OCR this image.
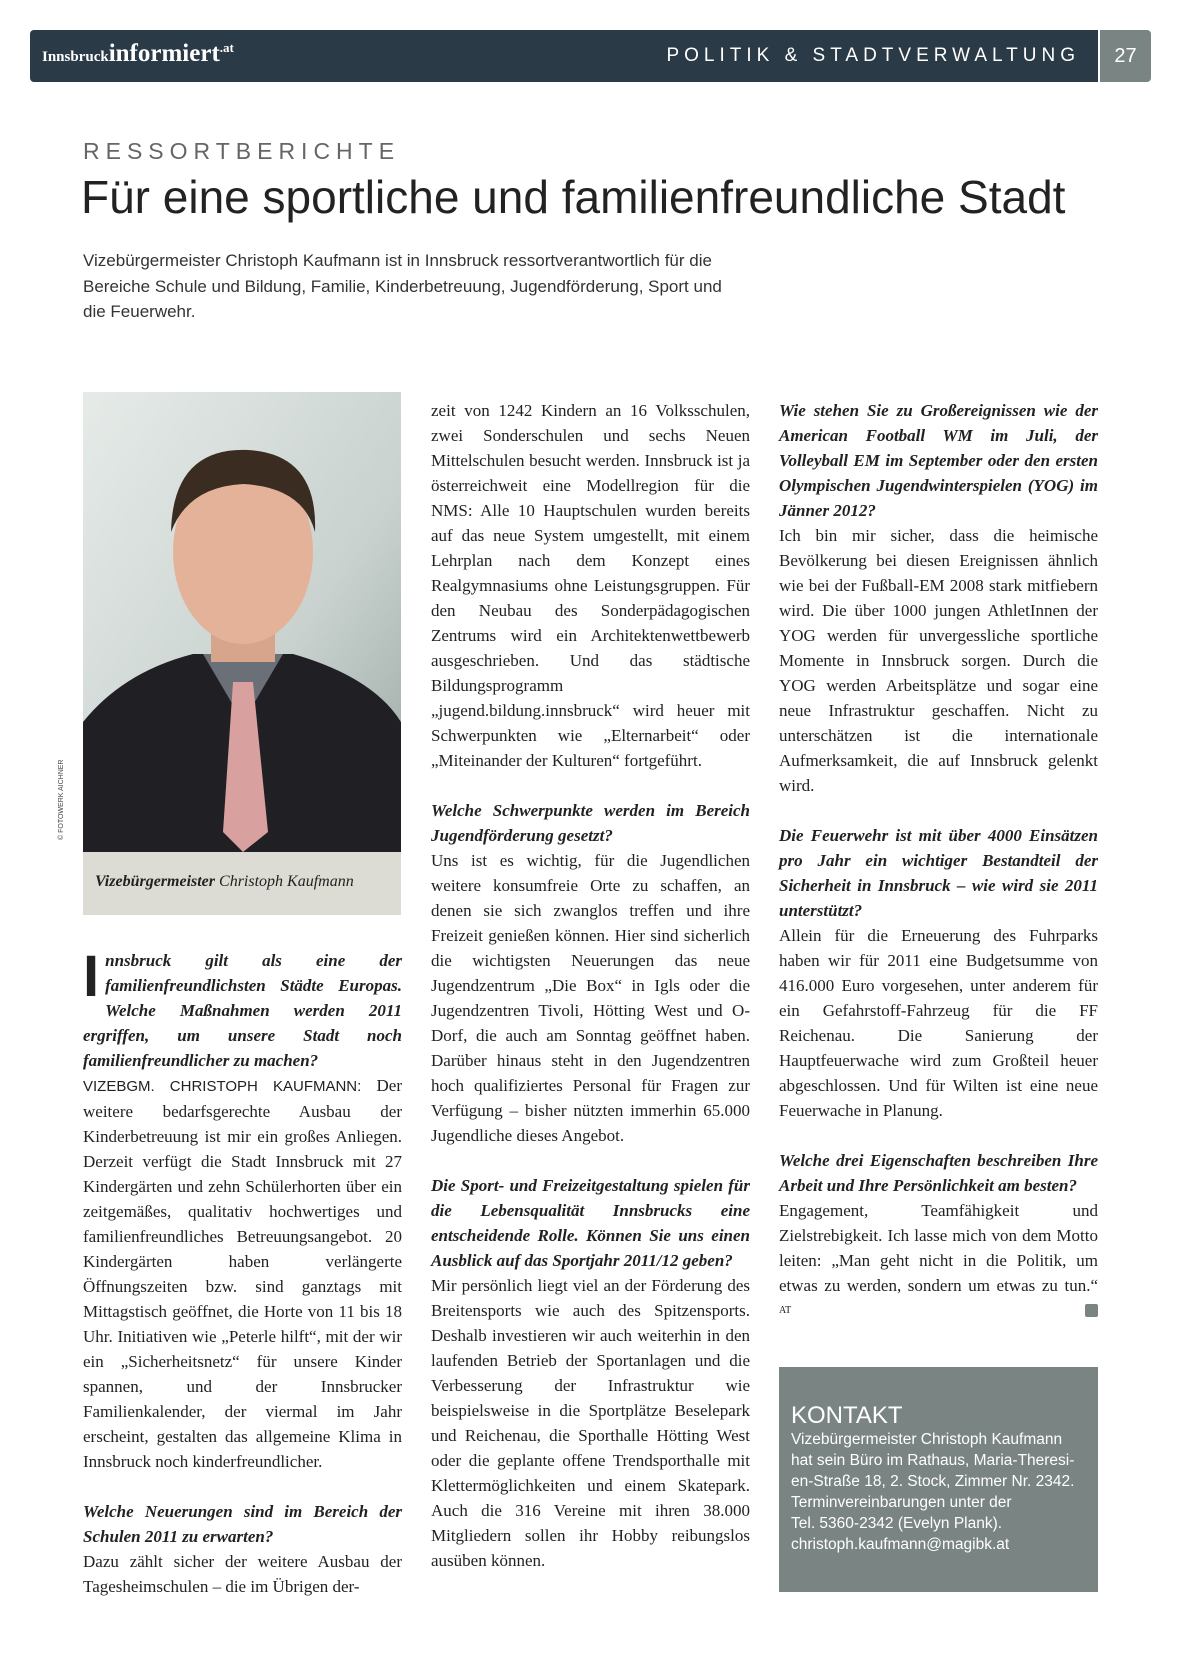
Innsbruckinformiert$^{.at}$	POLITIK & STADTVERWALTUNG	27
RESSORTBERICHTE
Für eine sportliche und familienfreundliche Stadt

Vizebürgermeister Christoph Kaufmann ist in Innsbruck ressortverantwortlich für die Bereiche Schule und Bildung, Familie, Kinderbetreuung, Jugendförderung, Sport und die Feuerwehr.

© FOTOWERK AICHNER
Vizebürgermeister Christoph Kaufmann

Innsbruck gilt als eine der familienfreundlichsten Städte Europas. Welche Maßnahmen werden 2011 ergriffen, um unsere Stadt noch familienfreundlicher zu machen?

VIZEBGM. CHRISTOPH KAUFMANN: Der weitere bedarfsgerechte Ausbau der Kinderbetreuung ist mir ein großes Anliegen. Derzeit verfügt die Stadt Innsbruck mit 27 Kindergärten und zehn Schülerhorten über ein zeitgemäßes, qualitativ hochwertiges und familienfreundliches Betreuungsangebot. 20 Kindergärten haben verlängerte Öffnungszeiten bzw. sind ganztags mit Mittagstisch geöffnet, die Horte von 11 bis 18 Uhr. Initiativen wie „Peterle hilft“, mit der wir ein „Sicherheitsnetz“ für unsere Kinder spannen, und der Innsbrucker Familienkalender, der viermal im Jahr erscheint, gestalten das allgemeine Klima in Innsbruck noch kinderfreundlicher.

Welche Neuerungen sind im Bereich der Schulen 2011 zu erwarten?

Dazu zählt sicher der weitere Ausbau der Tagesheimschulen – die im Übrigen der-

zeit von 1242 Kindern an 16 Volksschulen, zwei Sonderschulen und sechs Neuen Mittelschulen besucht werden. Innsbruck ist ja österreichweit eine Modellregion für die NMS: Alle 10 Hauptschulen wurden bereits auf das neue System umgestellt, mit einem Lehrplan nach dem Konzept eines Realgymnasiums ohne Leistungsgruppen. Für den Neubau des Sonderpädagogischen Zentrums wird ein Architektenwettbewerb ausgeschrieben. Und das städtische Bildungsprogramm „jugend.bildung.innsbruck“ wird heuer mit Schwerpunkten wie „Elternarbeit“ oder „Miteinander der Kulturen“ fortgeführt.

Welche Schwerpunkte werden im Bereich Jugendförderung gesetzt?

Uns ist es wichtig, für die Jugendlichen weitere konsumfreie Orte zu schaffen, an denen sie sich zwanglos treffen und ihre Freizeit genießen können. Hier sind sicherlich die wichtigsten Neuerungen das neue Jugendzentrum „Die Box“ in Igls oder die Jugendzentren Tivoli, Hötting West und O-Dorf, die auch am Sonntag geöffnet haben. Darüber hinaus steht in den Jugendzentren hoch qualifiziertes Personal für Fragen zur Verfügung – bisher nützten immerhin 65.000 Jugendliche dieses Angebot.

Die Sport- und Freizeitgestaltung spielen für die Lebensqualität Innsbrucks eine entscheidende Rolle. Können Sie uns einen Ausblick auf das Sportjahr 2011/12 geben?

Mir persönlich liegt viel an der Förderung des Breitensports wie auch des Spitzensports. Deshalb investieren wir auch weiterhin in den laufenden Betrieb der Sportanlagen und die Verbesserung der Infrastruktur wie beispielsweise in die Sportplätze Beselepark und Reichenau, die Sporthalle Hötting West oder die geplante offene Trendsporthalle mit Klettermöglichkeiten und einem Skatepark. Auch die 316 Vereine mit ihren 38.000 Mitgliedern sollen ihr Hobby reibungslos ausüben können.

Wie stehen Sie zu Großereignissen wie der American Football WM im Juli, der Volleyball EM im September oder den ersten Olympischen Jugendwinterspielen (YOG) im Jänner 2012?

Ich bin mir sicher, dass die heimische Bevölkerung bei diesen Ereignissen ähnlich wie bei der Fußball-EM 2008 stark mitfiebern wird. Die über 1000 jungen AthletInnen der YOG werden für unvergessliche sportliche Momente in Innsbruck sorgen. Durch die YOG werden Arbeitsplätze und sogar eine neue Infrastruktur geschaffen. Nicht zu unterschätzen ist die internationale Aufmerksamkeit, die auf Innsbruck gelenkt wird.

Die Feuerwehr ist mit über 4000 Einsätzen pro Jahr ein wichtiger Bestandteil der Sicherheit in Innsbruck – wie wird sie 2011 unterstützt?

Allein für die Erneuerung des Fuhrparks haben wir für 2011 eine Budgetsumme von 416.000 Euro vorgesehen, unter anderem für ein Gefahrstoff-Fahrzeug für die FF Reichenau. Die Sanierung der Hauptfeuerwache wird zum Großteil heuer abgeschlossen. Und für Wilten ist eine neue Feuerwache in Planung.

Welche drei Eigenschaften beschreiben Ihre Arbeit und Ihre Persönlichkeit am besten?

Engagement, Teamfähigkeit und Zielstrebigkeit. Ich lasse mich von dem Motto leiten: „Man geht nicht in die Politik, um etwas zu werden, sondern um etwas zu tun.“ $^{AT}$

KONTAKT

Vizebürgermeister Christoph Kaufmann

hat sein Büro im Rathaus, Maria-Theresi-

en-Straße 18, 2. Stock, Zimmer Nr. 2342.

Terminvereinbarungen unter der

Tel. 5360-2342 (Evelyn Plank).

christoph.kaufmann@magibk.at
